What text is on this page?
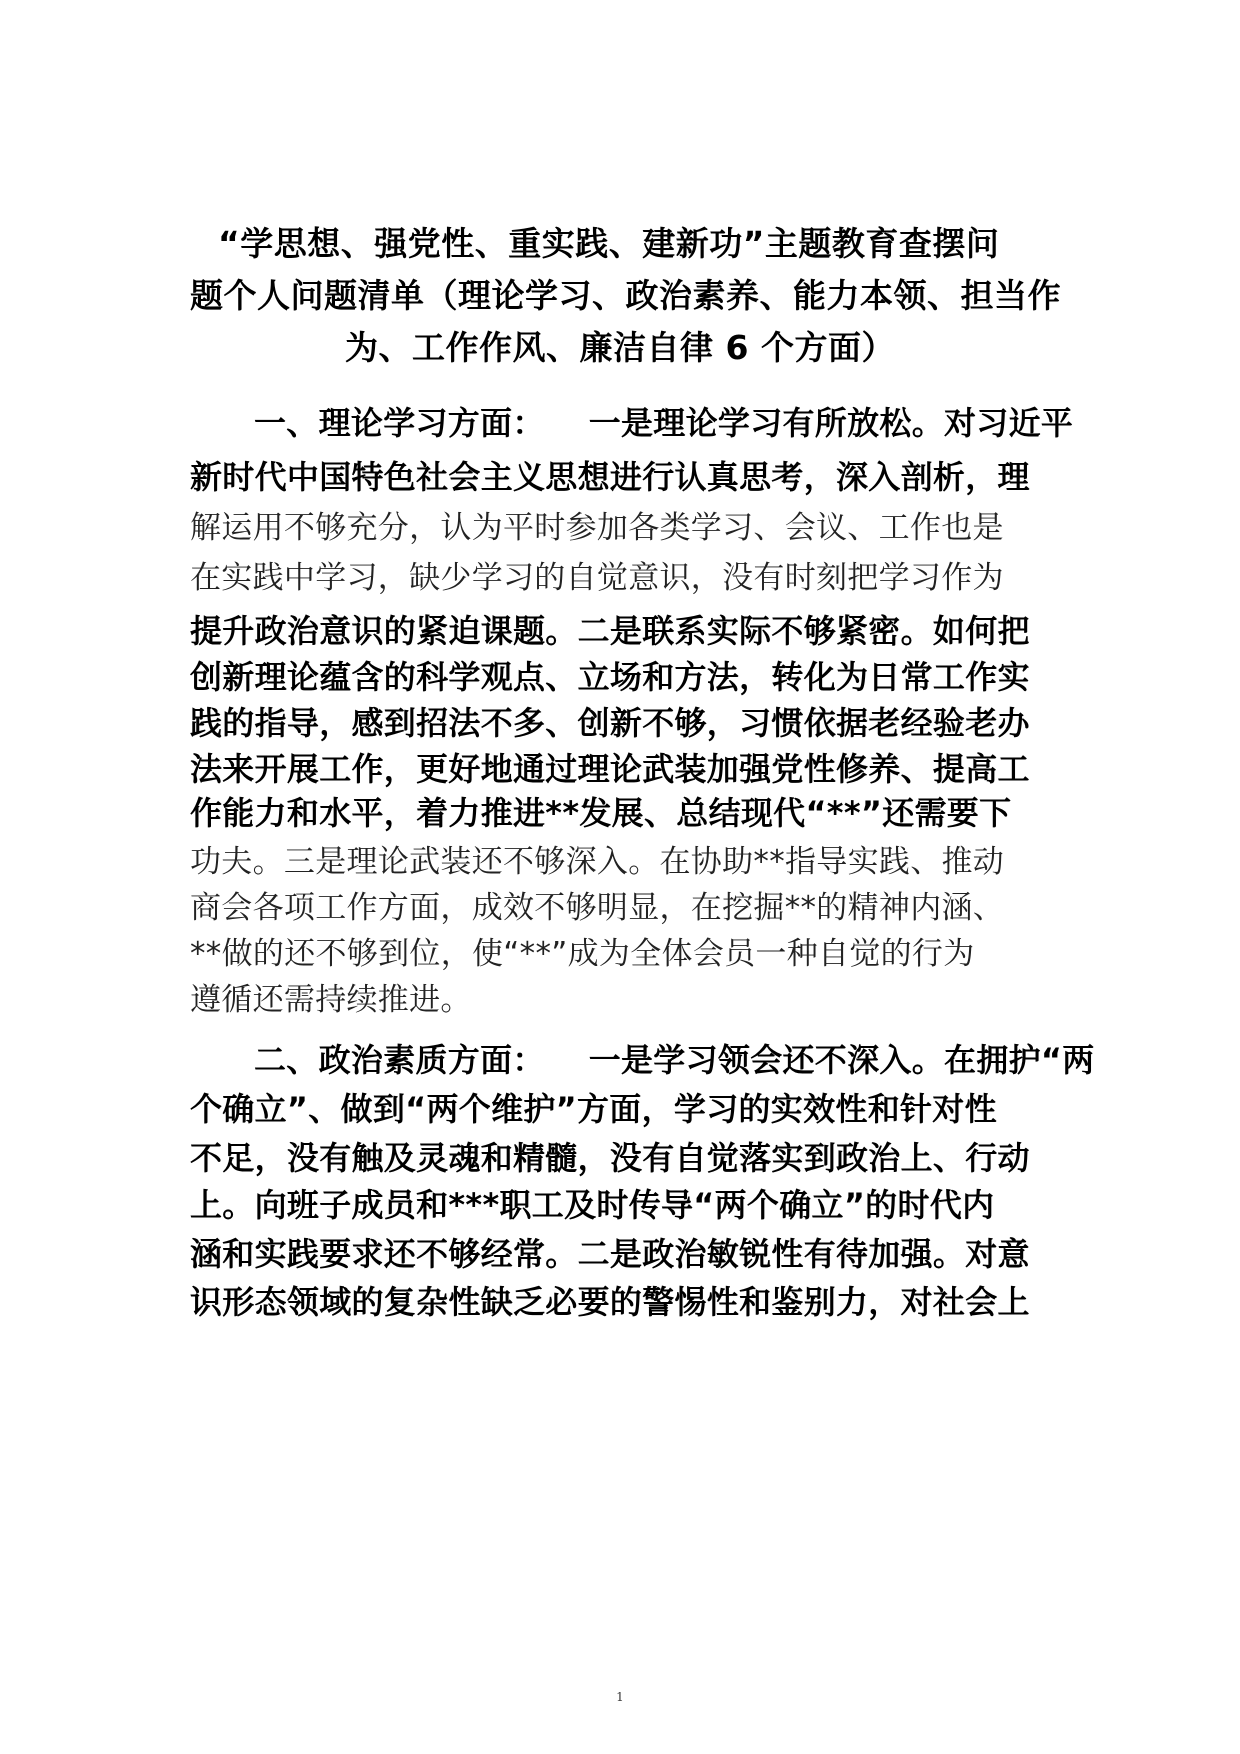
“学思想、强党性、重实践、建新功”主题教育查摆问
题个人问题清单（理论学习、政治素养、能力本领、担当作
为、工作作风、廉洁自律 6 个方面）
一、理论学习方面： 一是理论学习有所放松。对习近平
新时代中国特色社会主义思想进行认真思考，深入剖析，理
解运用不够充分，认为平时参加各类学习、会议、工作也是
在实践中学习，缺少学习的自觉意识，没有时刻把学习作为
提升政治意识的紧迫课题。二是联系实际不够紧密。如何把
创新理论蕴含的科学观点、立场和方法，转化为日常工作实
践的指导，感到招法不多、创新不够，习惯依据老经验老办
法来开展工作，更好地通过理论武装加强党性修养、提高工
作能力和水平，着力推进**发展、总结现代“**”还需要下
功夫。三是理论武装还不够深入。在协助**指导实践、推动
商会各项工作方面，成效不够明显，在挖掘**的精神内涵、
**做的还不够到位，使“**”成为全体会员一种自觉的行为
遵循还需持续推进。
二、政治素质方面： 一是学习领会还不深入。在拥护“两
个确立”、做到“两个维护”方面，学习的实效性和针对性
不足，没有触及灵魂和精髓，没有自觉落实到政治上、行动
上。向班子成员和***职工及时传导“两个确立”的时代内
涵和实践要求还不够经常。二是政治敏锐性有待加强。对意
识形态领域的复杂性缺乏必要的警惕性和鉴别力，对社会上
1
